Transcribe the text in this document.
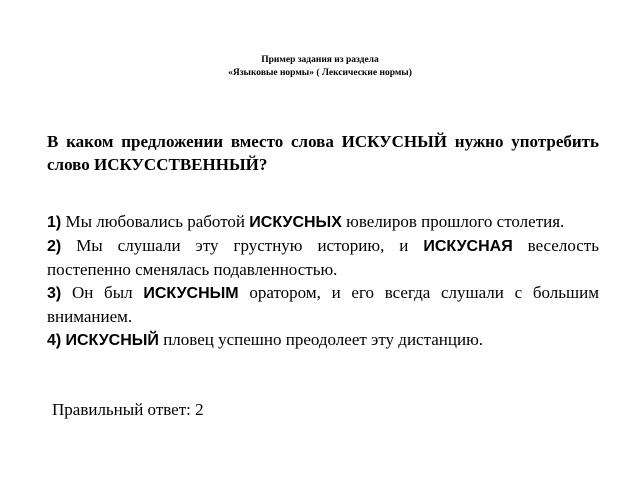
Пример задания из раздела
«Языковые нормы» ( Лексические нормы)
В каком предложении вместо слова ИСКУСНЫЙ нужно употребить слово ИСКУССТВЕННЫЙ?
1) Мы любовались работой ИСКУСНЫХ ювелиров прошлого столетия.
2) Мы слушали эту грустную историю, и ИСКУСНАЯ веселость постепенно сменялась подавленностью.
3) Он был ИСКУСНЫМ оратором, и его всегда слушали с большим вниманием.
4) ИСКУСНЫЙ пловец успешно преодолеет эту дистанцию.
Правильный ответ: 2
